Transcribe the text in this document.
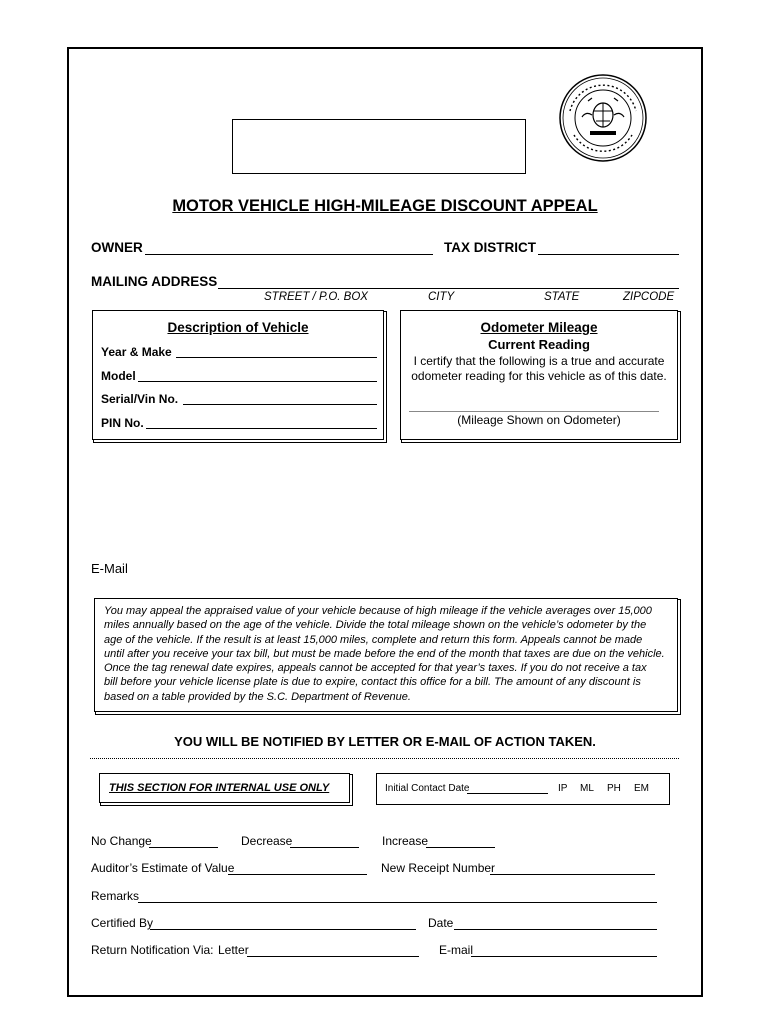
MOTOR VEHICLE HIGH-MILEAGE DISCOUNT APPEAL
OWNER	TAX DISTRICT
MAILING ADDRESS
STREET / P.O. BOX	CITY	STATE	ZIPCODE
Description of Vehicle
Year & Make
Model
Serial/Vin No.
PIN No.
Odometer Mileage
Current Reading
I certify that the following is a true and accurate
odometer reading for this vehicle as of this date.
(Mileage Shown on Odometer)
E-Mail
You may appeal the appraised value of your vehicle because of high mileage if the vehicle averages over 15,000
miles annually based on the age of the vehicle. Divide the total mileage shown on the vehicle’s odometer by the
age of the vehicle. If the result is at least 15,000 miles, complete and return this form. Appeals cannot be made
until after you receive your tax bill, but must be made before the end of the month that taxes are due on the vehicle.
Once the tag renewal date expires, appeals cannot be accepted for that year’s taxes. If you do not receive a tax
bill before your vehicle license plate is due to expire, contact this office for a bill. The amount of any discount is
based on a table provided by the S.C. Department of Revenue.
YOU WILL BE NOTIFIED BY LETTER OR E-MAIL OF ACTION TAKEN.
THIS SECTION FOR INTERNAL USE ONLY	Initial Contact Date	IP ML PH EM
No Change	Decrease	Increase
Auditor’s Estimate of Value	New Receipt Number
Remarks
Certified By	Date
Return Notification Via: Letter	E-mail
